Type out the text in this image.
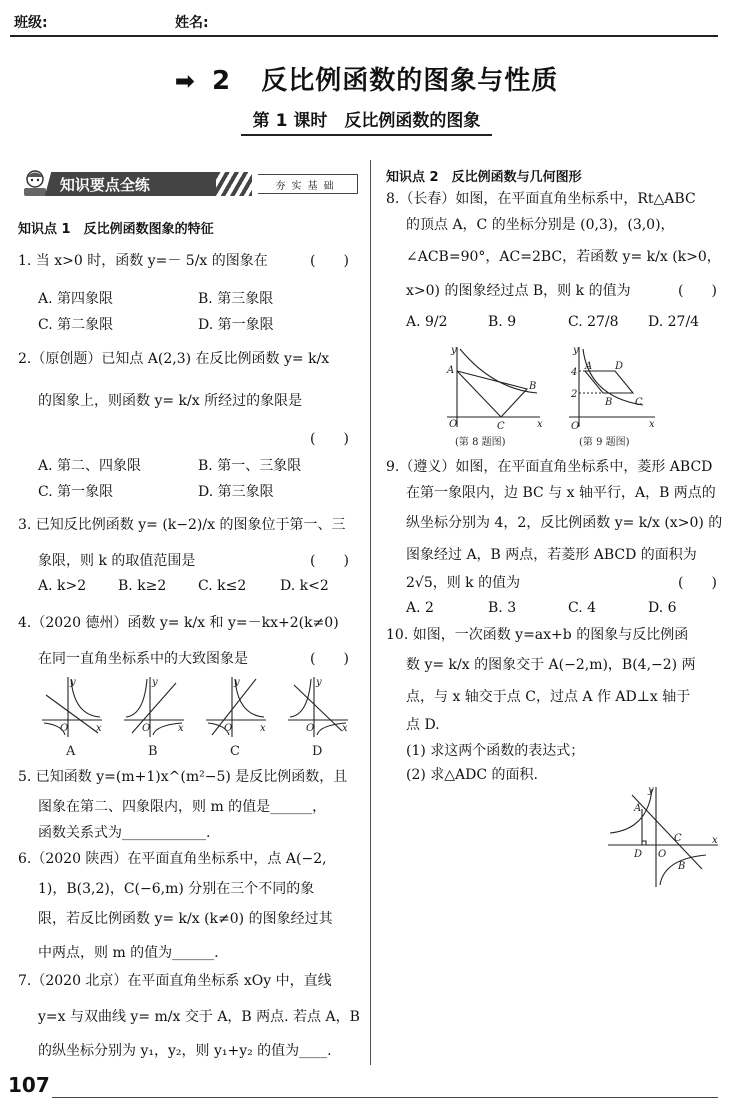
班级:	姓名:
➡ 2 反比例函数的图象与性质
第 1 课时　反比例函数的图象
知识要点全练	夯实基础
知识点 1　反比例函数图象的特征
1. 当 x>0 时，函数 y=－ 5/x 的图象在	(　　)
A. 第四象限	B. 第三象限
C. 第二象限	D. 第一象限
2.（原创题）已知点 A(2,3) 在反比例函数 y= k/x
的图象上，则函数 y= k/x 所经过的象限是
(　　)
A. 第二、四象限	B. 第一、三象限
C. 第一象限	D. 第三象限
3. 已知反比例函数 y= (k−2)/x 的图象位于第一、三
象限，则 k 的取值范围是	(　　)
A. k>2 B. k≥2 C. k≤2 D. k<2
4.（2020 德州）函数 y= k/x 和 y=－kx+2(k≠0)
在同一直角坐标系中的大致图象是	(　　)
y
x
O
y
x
O
y
x
O
y
x
O
A	B	C	D
5. 已知函数 y=(m+1)x^(m²−5) 是反比例函数，且
图象在第二、四象限内，则 m 的值是______，
函数关系式为____________.
6.（2020 陕西）在平面直角坐标系中，点 A(−2,
1)，B(3,2)，C(−6,m) 分别在三个不同的象
限，若反比例函数 y= k/x (k≠0) 的图象经过其
中两点，则 m 的值为______.
7.（2020 北京）在平面直角坐标系 xOy 中，直线
y=x 与双曲线 y= m/x 交于 A，B 两点. 若点 A，B
的纵坐标分别为 y₁，y₂，则 y₁+y₂ 的值为____.
知识点 2　反比例函数与几何图形
8.（长春）如图，在平面直角坐标系中，Rt△ABC
的顶点 A，C 的坐标分别是 (0,3)，(3,0)，
∠ACB=90°，AC=2BC，若函数 y= k/x (k>0，
x>0) 的图象经过点 B，则 k 的值为	(　　)
A. 9/2	B. 9	C. 27/8 D. 27/4
y
A
O	C
B
x
y
4
2
A D
B C
O	x
(第 8 题图)	(第 9 题图)
9.（遵义）如图，在平面直角坐标系中，菱形 ABCD
在第一象限内，边 BC 与 x 轴平行，A，B 两点的
纵坐标分别为 4，2，反比例函数 y= k/x (x>0) 的
图象经过 A，B 两点，若菱形 ABCD 的面积为
2√5，则 k 的值为	(　　)
A. 2	B. 3	C. 4	D. 6
10. 如图，一次函数 y=ax+b 的图象与反比例函
数 y= k/x 的图象交于 A(−2,m)，B(4,−2) 两
点，与 x 轴交于点 C，过点 A 作 AD⊥x 轴于
点 D.
(1) 求这两个函数的表达式；
(2) 求△ADC 的面积.
y
A
D O
C
B
x
107
